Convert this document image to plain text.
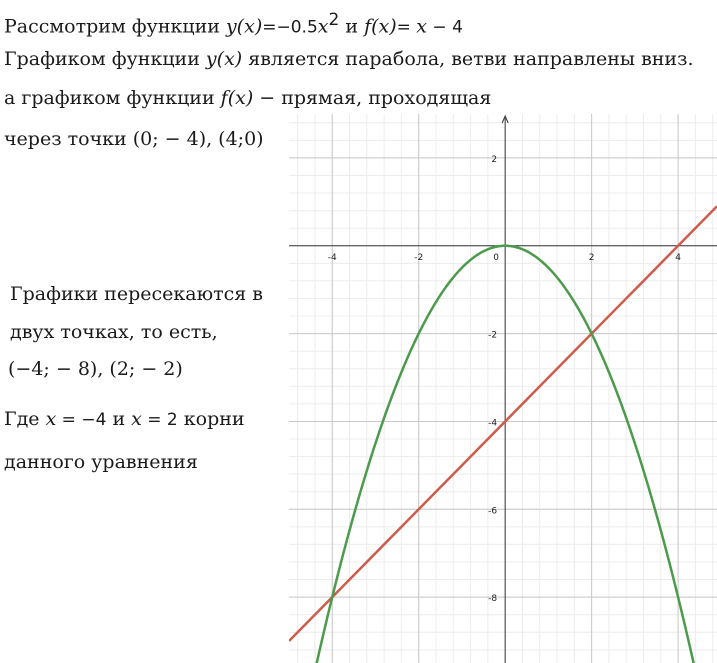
Рассмотрим функции $y(x)=-0.5x^2$ и f(x)= x − 4
Графиком функции y(x) является парабола, ветви направлены вниз.
а графиком функции f(x) − прямая, проходящая
через точки (0; − 4), (4;0)
Графики пересекаются в
двух точках, то есть,
(−4; − 8), (2; − 2)
Где x = −4 и x = 2 корни
данного уравнения
-4	-2	0	2	4
2
-2
-4
-6
-8
